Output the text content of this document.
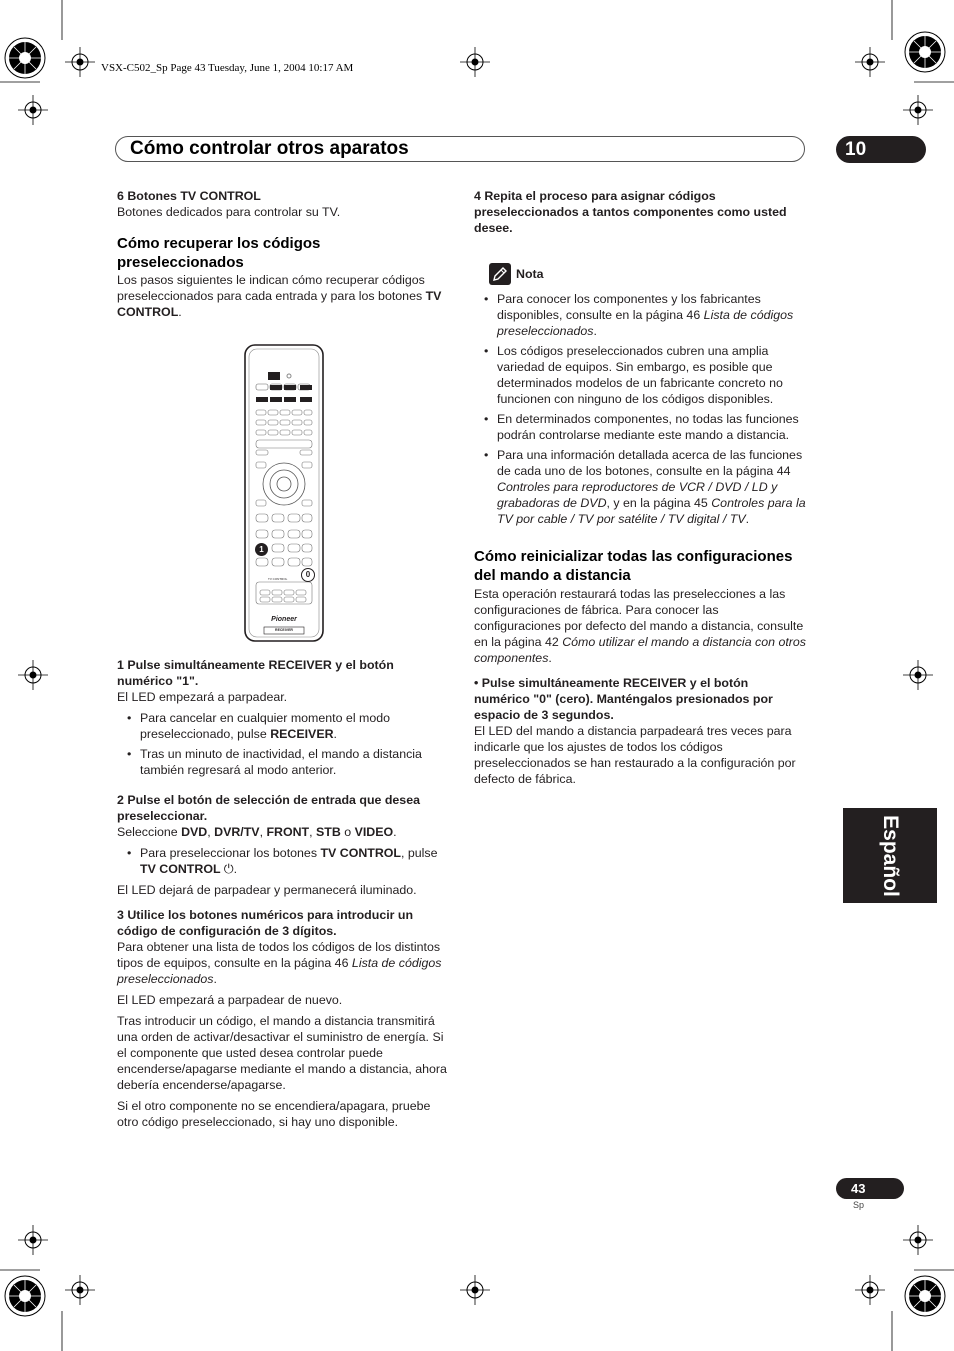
VSX-C502_Sp Page 43 Tuesday, June 1, 2004 10:17 AM
Cómo controlar otros aparatos	10

6 Botones TV CONTROL

Botones dedicados para controlar su TV.

Cómo recuperar los códigos preseleccionados

Los pasos siguientes le indican cómo recuperar códigos preseleccionados para cada entrada y para los botones TV CONTROL.

1
0
TV CONTROL
Pioneer
RECEIVER

1 Pulse simultáneamente RECEIVER y el botón numérico "1".

El LED empezará a parpadear.

• Para cancelar en cualquier momento el modo preseleccionado, pulse RECEIVER.

• Tras un minuto de inactividad, el mando a distancia también regresará al modo anterior.

2 Pulse el botón de selección de entrada que desea preseleccionar.

Seleccione DVD, DVR/TV, FRONT, STB o VIDEO.

• Para preseleccionar los botones TV CONTROL, pulse TV CONTROL ⏻.

El LED dejará de parpadear y permanecerá iluminado.

3 Utilice los botones numéricos para introducir un código de configuración de 3 dígitos.

Para obtener una lista de todos los códigos de los distintos tipos de equipos, consulte en la página 46 Lista de códigos preseleccionados.

El LED empezará a parpadear de nuevo.

Tras introducir un código, el mando a distancia transmitirá una orden de activar/desactivar el suministro de energía. Si el componente que usted desea controlar puede encenderse/apagarse mediante el mando a distancia, ahora debería encenderse/apagarse.

Si el otro componente no se encendiera/apagara, pruebe otro código preseleccionado, si hay uno disponible.

4 Repita el proceso para asignar códigos preseleccionados a tantos componentes como usted desee.

Nota

• Para conocer los componentes y los fabricantes disponibles, consulte en la página 46 Lista de códigos preseleccionados.

• Los códigos preseleccionados cubren una amplia variedad de equipos. Sin embargo, es posible que determinados modelos de un fabricante concreto no funcionen con ninguno de los códigos disponibles.

• En determinados componentes, no todas las funciones podrán controlarse mediante este mando a distancia.

• Para una información detallada acerca de las funciones de cada uno de los botones, consulte en la página 44 Controles para reproductores de VCR / DVD / LD y grabadoras de DVD, y en la página 45 Controles para la TV por cable / TV por satélite / TV digital / TV.

Cómo reinicializar todas las configuraciones del mando a distancia

Esta operación restaurará todas las preselecciones a las configuraciones de fábrica. Para conocer las configuraciones por defecto del mando a distancia, consulte en la página 42 Cómo utilizar el mando a distancia con otros componentes.

• Pulse simultáneamente RECEIVER y el botón numérico "0" (cero). Manténgalos presionados por espacio de 3 segundos.

El LED del mando a distancia parpadeará tres veces para indicarle que los ajustes de todos los códigos preseleccionados se han restaurado a la configuración por defecto de fábrica.

Español
43
Sp
